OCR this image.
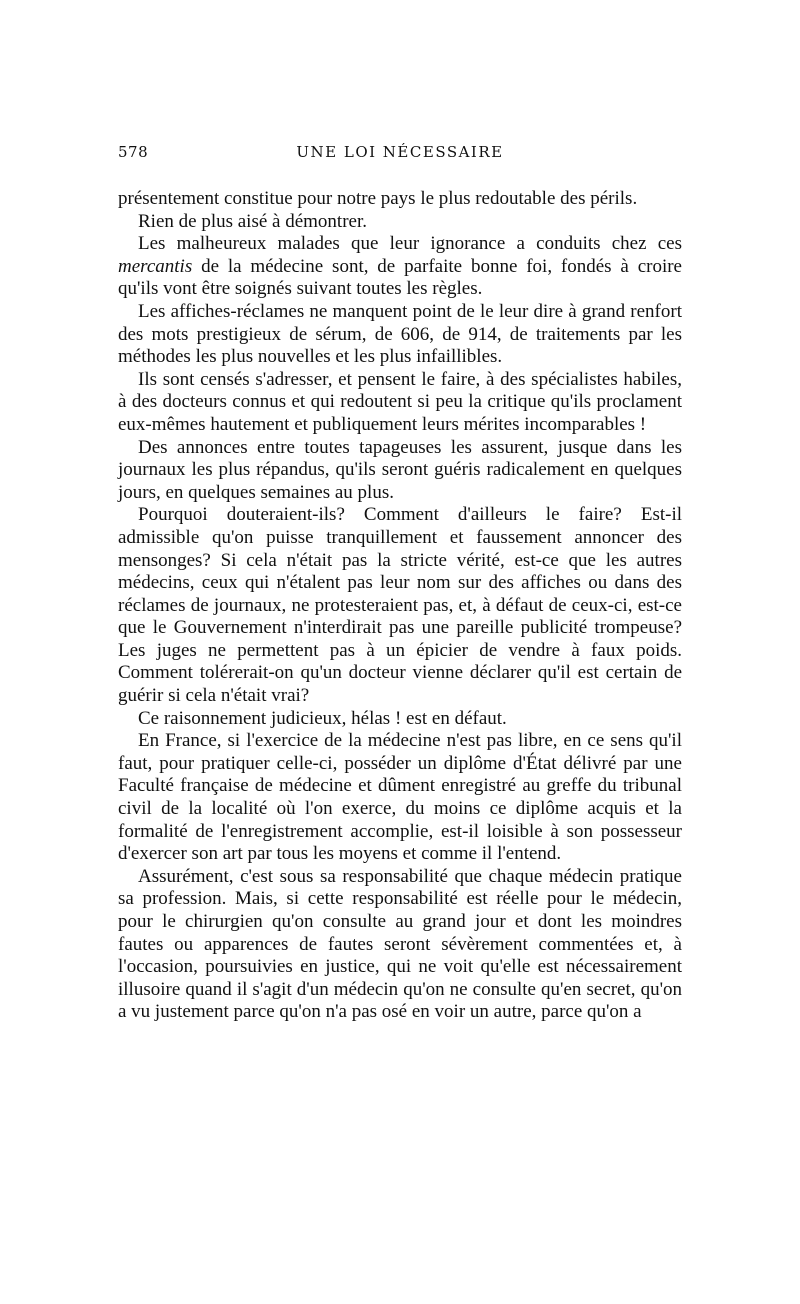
578	UNE LOI NÉCESSAIRE

présentement constitue pour notre pays le plus redoutable des périls.

Rien de plus aisé à démontrer.

Les malheureux malades que leur ignorance a conduits chez ces mercantis de la médecine sont, de parfaite bonne foi, fondés à croire qu'ils vont être soignés suivant toutes les règles.

Les affiches-réclames ne manquent point de le leur dire à grand renfort des mots prestigieux de sérum, de 606, de 914, de traitements par les méthodes les plus nouvelles et les plus infaillibles.

Ils sont censés s'adresser, et pensent le faire, à des spécialistes habiles, à des docteurs connus et qui redoutent si peu la critique qu'ils proclament eux-mêmes hautement et publiquement leurs mérites incomparables !

Des annonces entre toutes tapageuses les assurent, jusque dans les journaux les plus répandus, qu'ils seront guéris radicalement en quelques jours, en quelques semaines au plus.

Pourquoi douteraient-ils? Comment d'ailleurs le faire? Est-il admissible qu'on puisse tranquillement et faussement annoncer des mensonges? Si cela n'était pas la stricte vérité, est-ce que les autres médecins, ceux qui n'étalent pas leur nom sur des affiches ou dans des réclames de journaux, ne protesteraient pas, et, à défaut de ceux-ci, est-ce que le Gouvernement n'interdirait pas une pareille publicité trompeuse? Les juges ne permettent pas à un épicier de vendre à faux poids. Comment tolérerait-on qu'un docteur vienne déclarer qu'il est certain de guérir si cela n'était vrai?

Ce raisonnement judicieux, hélas ! est en défaut.

En France, si l'exercice de la médecine n'est pas libre, en ce sens qu'il faut, pour pratiquer celle-ci, posséder un diplôme d'État délivré par une Faculté française de médecine et dûment enregistré au greffe du tribunal civil de la localité où l'on exerce, du moins ce diplôme acquis et la formalité de l'enregistrement accomplie, est-il loisible à son possesseur d'exercer son art par tous les moyens et comme il l'entend.

Assurément, c'est sous sa responsabilité que chaque médecin pratique sa profession. Mais, si cette responsabilité est réelle pour le médecin, pour le chirurgien qu'on consulte au grand jour et dont les moindres fautes ou apparences de fautes seront sévèrement commentées et, à l'occasion, poursuivies en justice, qui ne voit qu'elle est nécessairement illusoire quand il s'agit d'un médecin qu'on ne consulte qu'en secret, qu'on a vu justement parce qu'on n'a pas osé en voir un autre, parce qu'on a
